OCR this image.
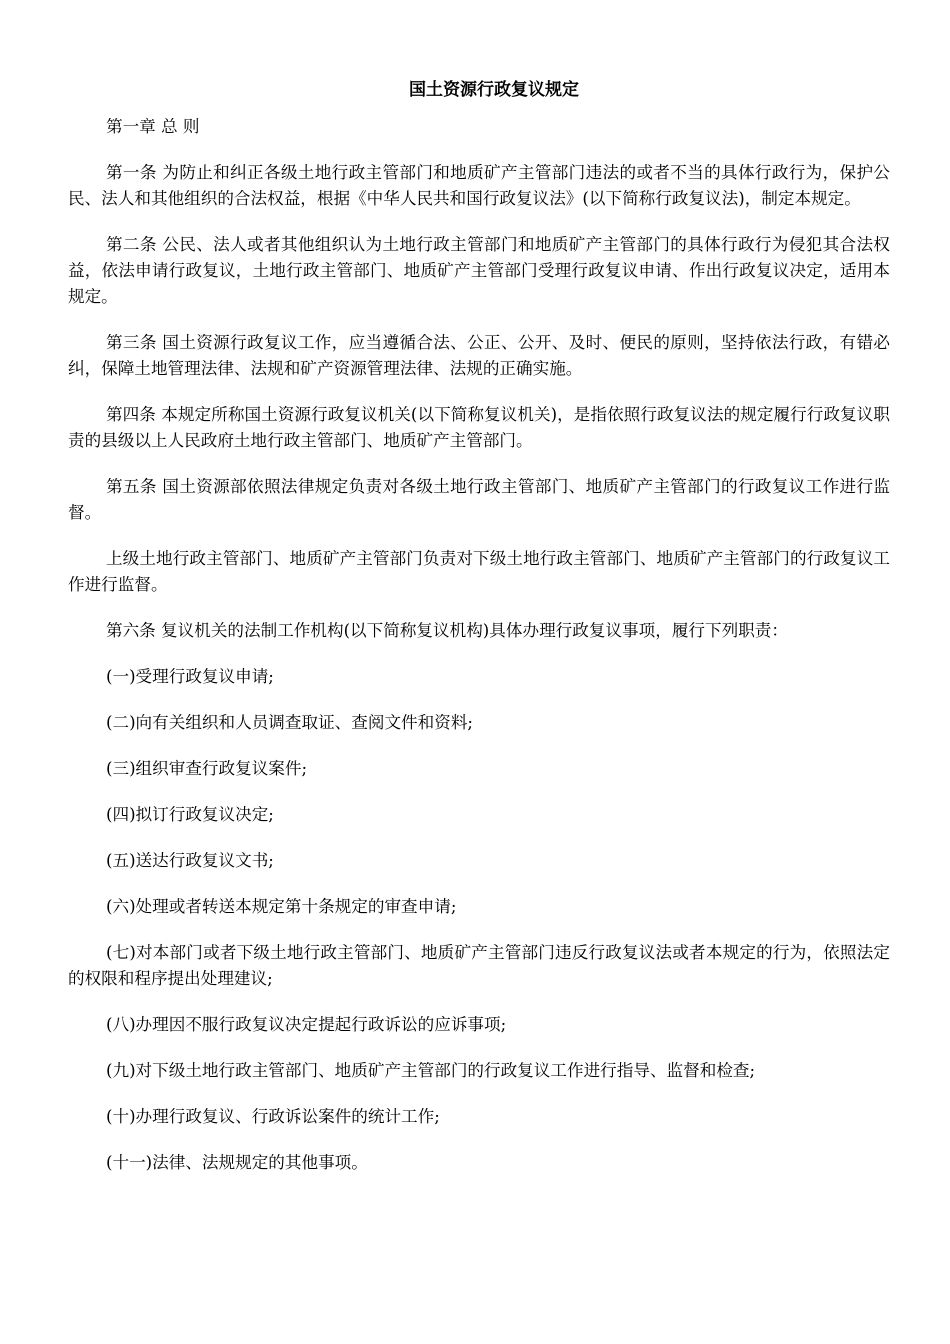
国土资源行政复议规定

第一章 总 则

第一条 为防止和纠正各级土地行政主管部门和地质矿产主管部门违法的或者不当的具体行政行为，保护公民、法人和其他组织的合法权益，根据《中华人民共和国行政复议法》(以下简称行政复议法)，制定本规定。

第二条 公民、法人或者其他组织认为土地行政主管部门和地质矿产主管部门的具体行政行为侵犯其合法权益，依法申请行政复议，土地行政主管部门、地质矿产主管部门受理行政复议申请、作出行政复议决定，适用本规定。

第三条 国土资源行政复议工作，应当遵循合法、公正、公开、及时、便民的原则，坚持依法行政，有错必纠，保障土地管理法律、法规和矿产资源管理法律、法规的正确实施。

第四条 本规定所称国土资源行政复议机关(以下简称复议机关)，是指依照行政复议法的规定履行行政复议职责的县级以上人民政府土地行政主管部门、地质矿产主管部门。

第五条 国土资源部依照法律规定负责对各级土地行政主管部门、地质矿产主管部门的行政复议工作进行监督。

上级土地行政主管部门、地质矿产主管部门负责对下级土地行政主管部门、地质矿产主管部门的行政复议工作进行监督。

第六条 复议机关的法制工作机构(以下简称复议机构)具体办理行政复议事项，履行下列职责：

(一)受理行政复议申请;

(二)向有关组织和人员调查取证、查阅文件和资料;

(三)组织审查行政复议案件;

(四)拟订行政复议决定;

(五)送达行政复议文书;

(六)处理或者转送本规定第十条规定的审查申请;

(七)对本部门或者下级土地行政主管部门、地质矿产主管部门违反行政复议法或者本规定的行为，依照法定的权限和程序提出处理建议;

(八)办理因不服行政复议决定提起行政诉讼的应诉事项;

(九)对下级土地行政主管部门、地质矿产主管部门的行政复议工作进行指导、监督和检查;

(十)办理行政复议、行政诉讼案件的统计工作;

(十一)法律、法规规定的其他事项。
